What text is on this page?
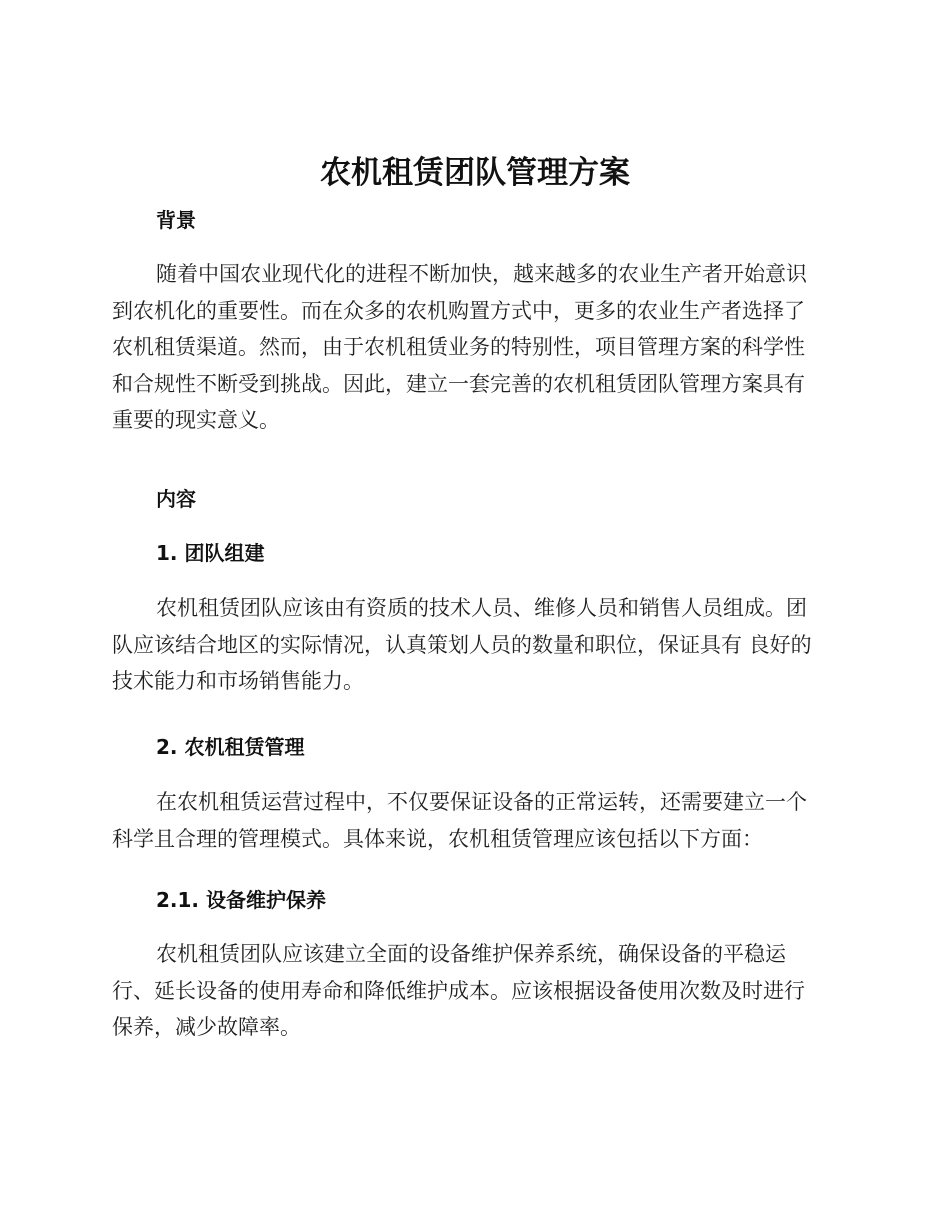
农机租赁团队管理方案
背景
随着中国农业现代化的进程不断加快，越来越多的农业生产者开始意识
到农机化的重要性。而在众多的农机购置方式中，更多的农业生产者选择了
农机租赁渠道。然而，由于农机租赁业务的特别性，项目管理方案的科学性
和合规性不断受到挑战。因此，建立一套完善的农机租赁团队管理方案具有
重要的现实意义。
内容
1. 团队组建
农机租赁团队应该由有资质的技术人员、维修人员和销售人员组成。团
队应该结合地区的实际情况，认真策划人员的数量和职位，保证具有 良好的
技术能力和市场销售能力。
2. 农机租赁管理
在农机租赁运营过程中，不仅要保证设备的正常运转，还需要建立一个
科学且合理的管理模式。具体来说，农机租赁管理应该包括以下方面：
2.1. 设备维护保养
农机租赁团队应该建立全面的设备维护保养系统，确保设备的平稳运
行、延长设备的使用寿命和降低维护成本。应该根据设备使用次数及时进行
保养，减少故障率。
